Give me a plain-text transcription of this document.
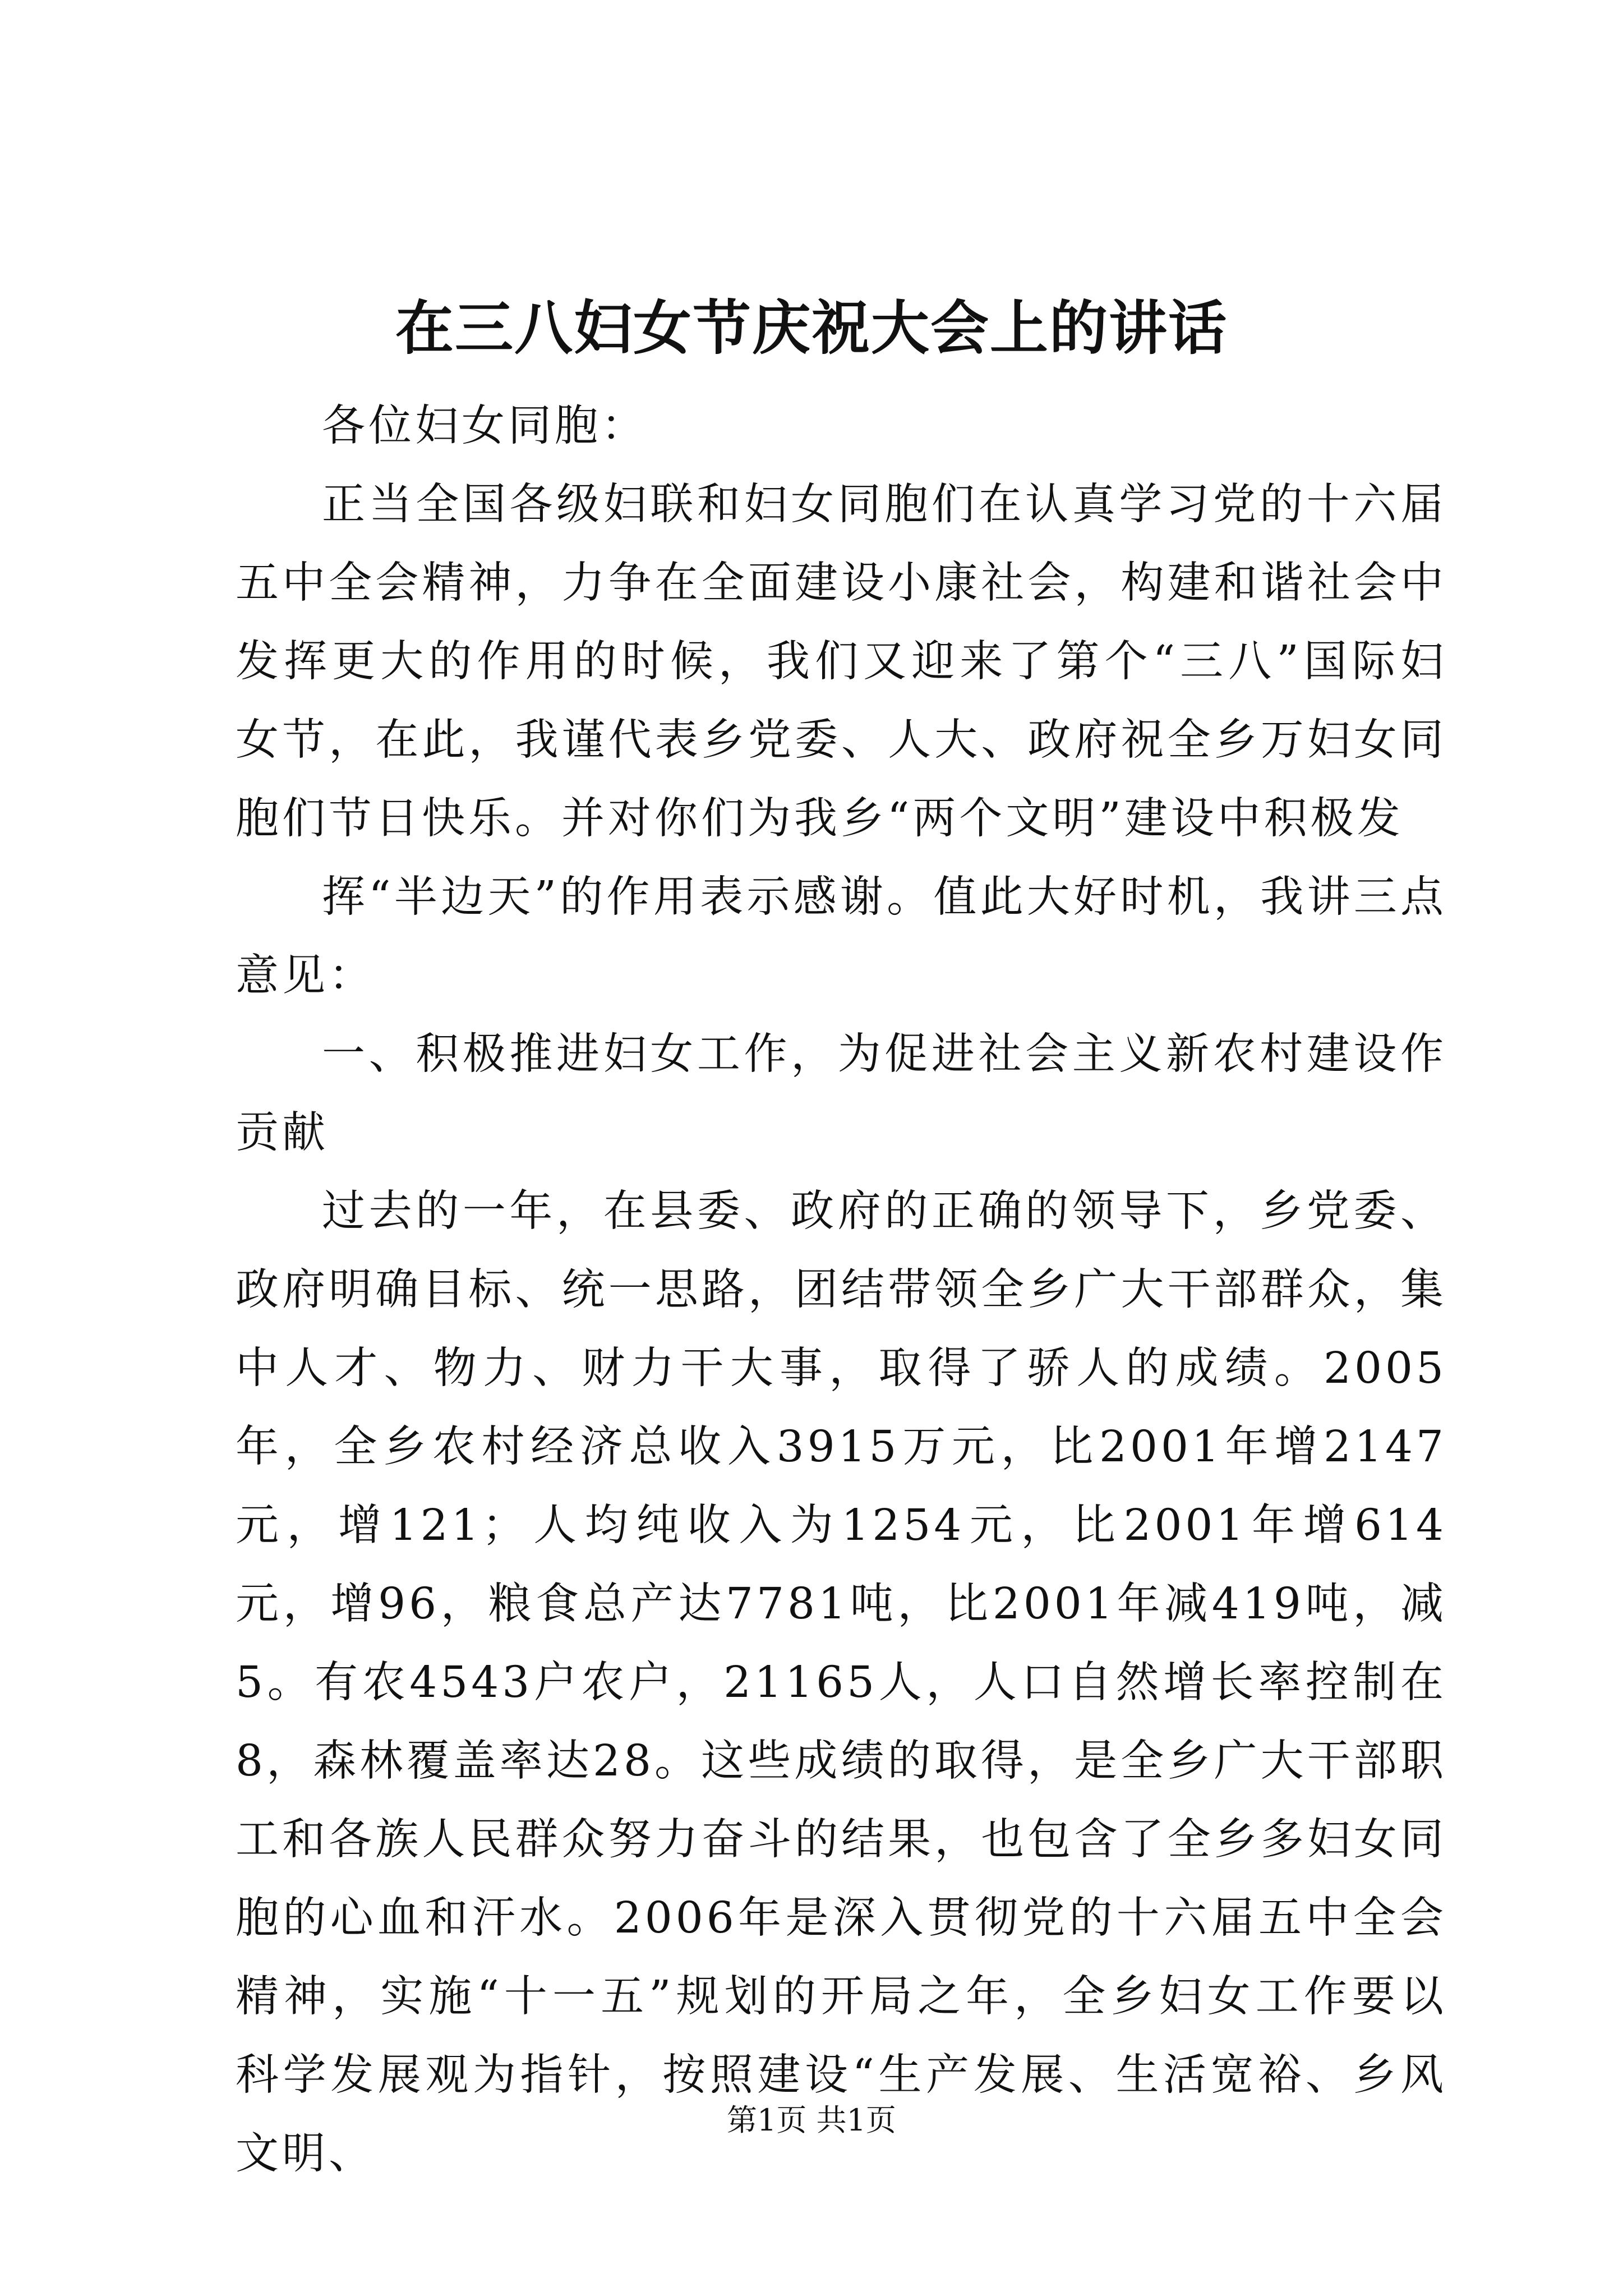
在三八妇女节庆祝大会上的讲话

各位妇女同胞：

正当全国各级妇联和妇女同胞们在认真学习党的十六届五中全会精神，力争在全面建设小康社会，构建和谐社会中发挥更大的作用的时候，我们又迎来了第个“三八”国际妇女节，在此，我谨代表乡党委、人大、政府祝全乡万妇女同胞们节日快乐。并对你们为我乡“两个文明”建设中积极发

挥“半边天”的作用表示感谢。值此大好时机，我讲三点意见：

一、积极推进妇女工作，为促进社会主义新农村建设作贡献

过去的一年，在县委、政府的正确的领导下，乡党委、政府明确目标、统一思路，团结带领全乡广大干部群众，集中人才、物力、财力干大事，取得了骄人的成绩。2005年，全乡农村经济总收入3915万元，比2001年增2147元，增121；人均纯收入为1254元，比2001年增614元，增96，粮食总产达7781吨，比2001年减419吨，减5。有农4543户农户，21165人，人口自然增长率控制在8，森林覆盖率达28。这些成绩的取得，是全乡广大干部职工和各族人民群众努力奋斗的结果，也包含了全乡多妇女同胞的心血和汗水。2006年是深入贯彻党的十六届五中全会精神，实施“十一五”规划的开局之年，全乡妇女工作要以科学发展观为指针，按照建设“生产发展、生活宽裕、乡风文明、

第1页 共1页
